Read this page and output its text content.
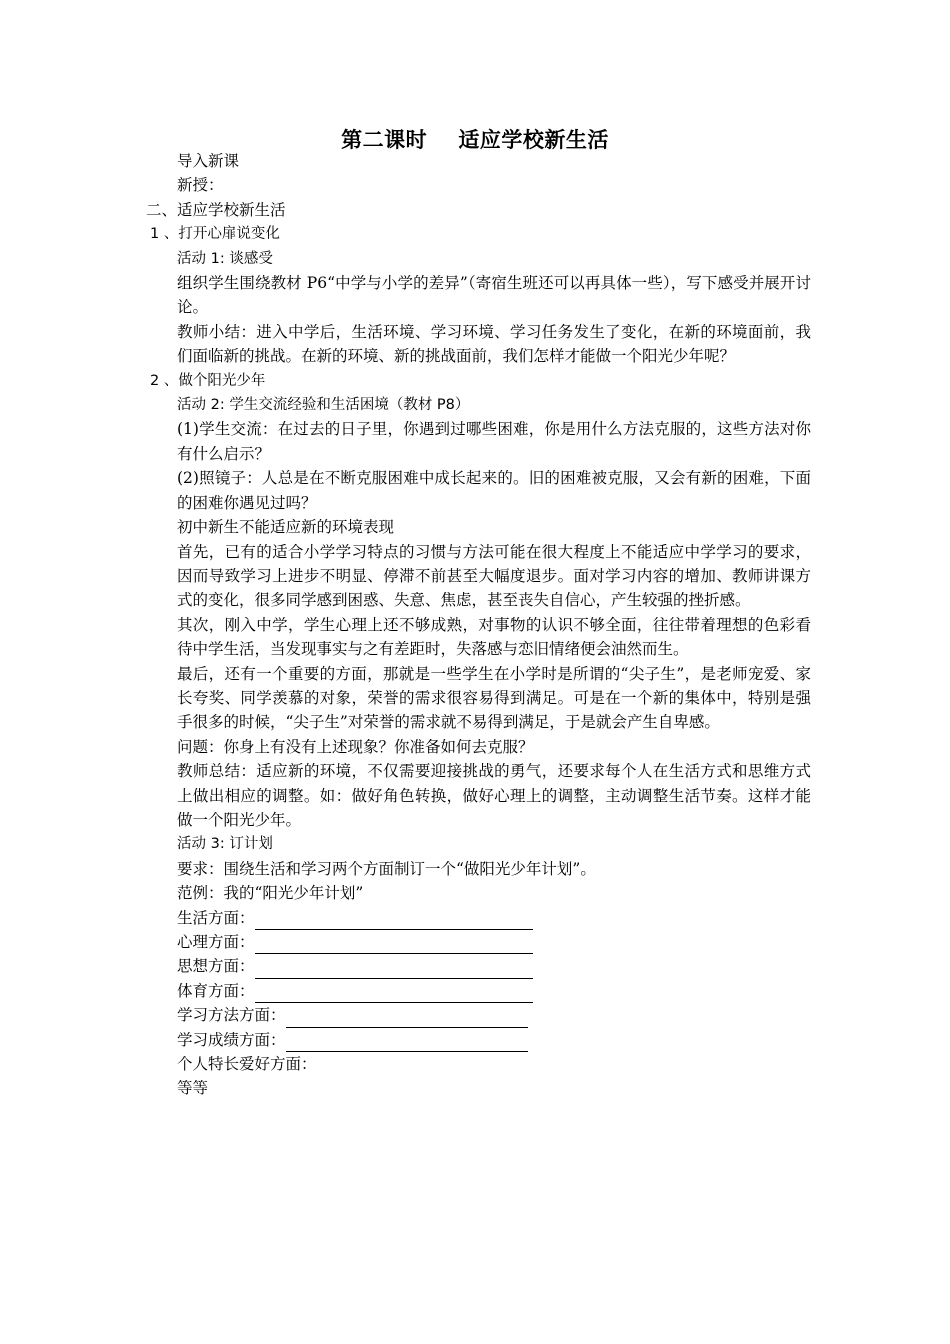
第二课时    适应学校新生活

导入新课

新授：

二、适应学校新生活

1 、打开心扉说变化

活动 1: 谈感受

组织学生围绕教材 P6“中学与小学的差异”（寄宿生班还可以再具体一些），写下感受并展开讨论。

教师小结：进入中学后，生活环境、学习环境、学习任务发生了变化，在新的环境面前，我们面临新的挑战。在新的环境、新的挑战面前，我们怎样才能做一个阳光少年呢？

2 、做个阳光少年

活动 2: 学生交流经验和生活困境（教材 P8）

(1)学生交流：在过去的日子里，你遇到过哪些困难，你是用什么方法克服的，这些方法对你有什么启示？

(2)照镜子：人总是在不断克服困难中成长起来的。旧的困难被克服，又会有新的困难，下面的困难你遇见过吗？

初中新生不能适应新的环境表现

首先，已有的适合小学学习特点的习惯与方法可能在很大程度上不能适应中学学习的要求，因而导致学习上进步不明显、停滞不前甚至大幅度退步。面对学习内容的增加、教师讲课方式的变化，很多同学感到困惑、失意、焦虑，甚至丧失自信心，产生较强的挫折感。

其次，刚入中学，学生心理上还不够成熟，对事物的认识不够全面，往往带着理想的色彩看待中学生活，当发现事实与之有差距时，失落感与恋旧情绪便会油然而生。

最后，还有一个重要的方面，那就是一些学生在小学时是所谓的“尖子生”，是老师宠爱、家长夸奖、同学羡慕的对象，荣誉的需求很容易得到满足。可是在一个新的集体中，特别是强手很多的时候，“尖子生”对荣誉的需求就不易得到满足，于是就会产生自卑感。

问题：你身上有没有上述现象？你准备如何去克服？

教师总结：适应新的环境，不仅需要迎接挑战的勇气，还要求每个人在生活方式和思维方式上做出相应的调整。如：做好角色转换，做好心理上的调整，主动调整生活节奏。这样才能做一个阳光少年。

活动 3: 订计划

要求：围绕生活和学习两个方面制订一个“做阳光少年计划”。

范例：我的“阳光少年计划”

生活方面：
心理方面：
思想方面：
体育方面：
学习方法方面：
学习成绩方面：

个人特长爱好方面：

等等
